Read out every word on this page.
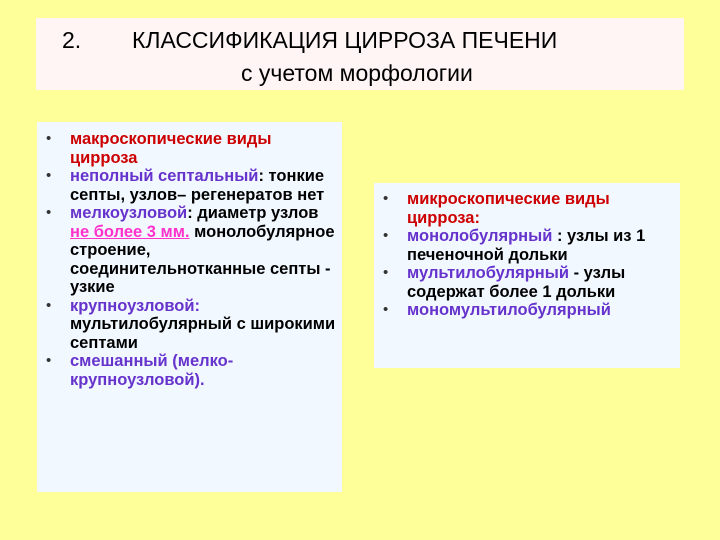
2. КЛАССИФИКАЦИЯ ЦИРРОЗА ПЕЧЕНИ
с учетом морфологии
• макроскопические виды цирроза
• неполный септальный: тонкие септы, узлов– регенератов нет
• мелкоузловой: диаметр узлов не более 3 мм. монолобулярное строение, соединительнотканные септы - узкие
• крупноузловой: мультилобулярный с широкими септами
• смешанный (мелко-крупноузловой).
• микроскопические виды цирроза:
• монолобулярный : узлы из 1 печеночной дольки
• мультилобулярный - узлы содержат более 1 дольки
• мономультилобулярный
